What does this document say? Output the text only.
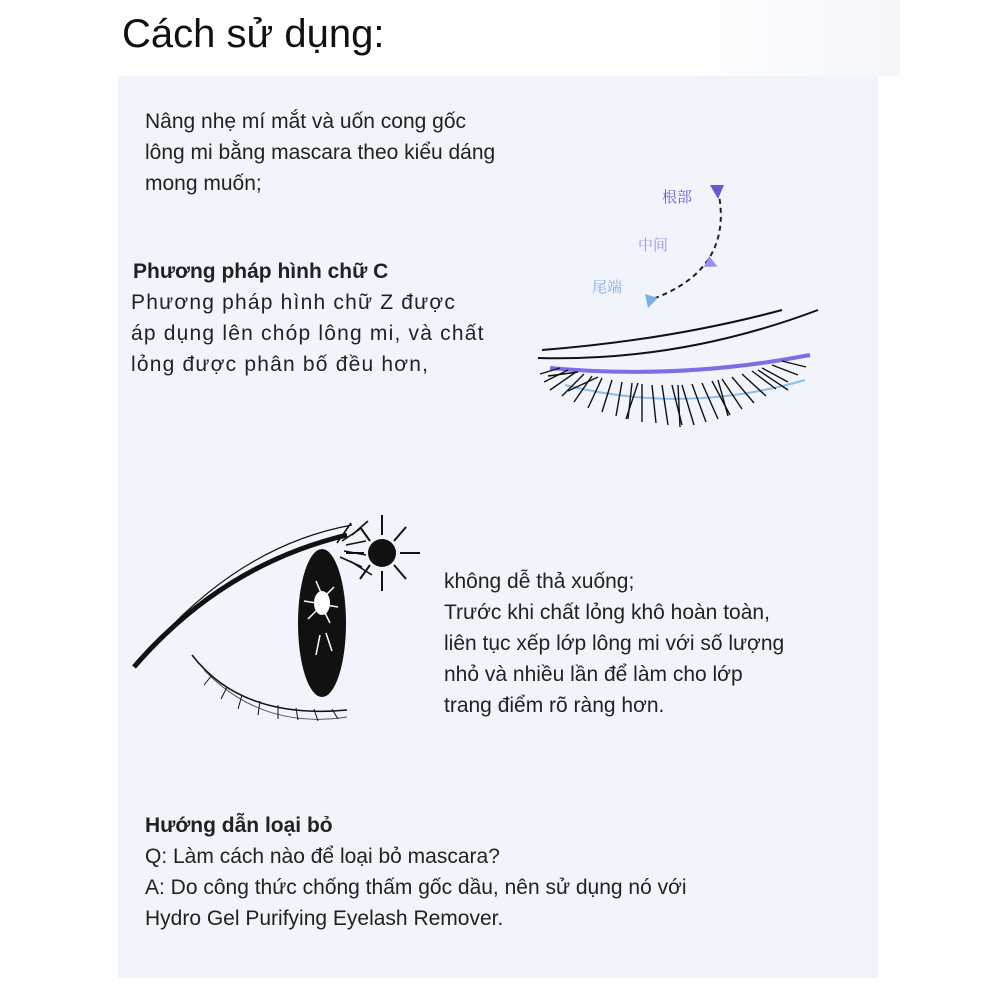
Cách sử dụng:
Nâng nhẹ mí mắt và uốn cong gốc
lông mi bằng mascara theo kiểu dáng
mong muốn;
Phương pháp hình chữ C
Phương pháp hình chữ Z được
áp dụng lên chóp lông mi, và chất
lỏng được phân bố đều hơn,
根部
中间
尾端
không dễ thả xuống;
Trước khi chất lỏng khô hoàn toàn,
liên tục xếp lớp lông mi với số lượng
nhỏ và nhiều lần để làm cho lớp
trang điểm rõ ràng hơn.
Hướng dẫn loại bỏ
Q: Làm cách nào để loại bỏ mascara?
A: Do công thức chống thấm gốc dầu, nên sử dụng nó với
Hydro Gel Purifying Eyelash Remover.
